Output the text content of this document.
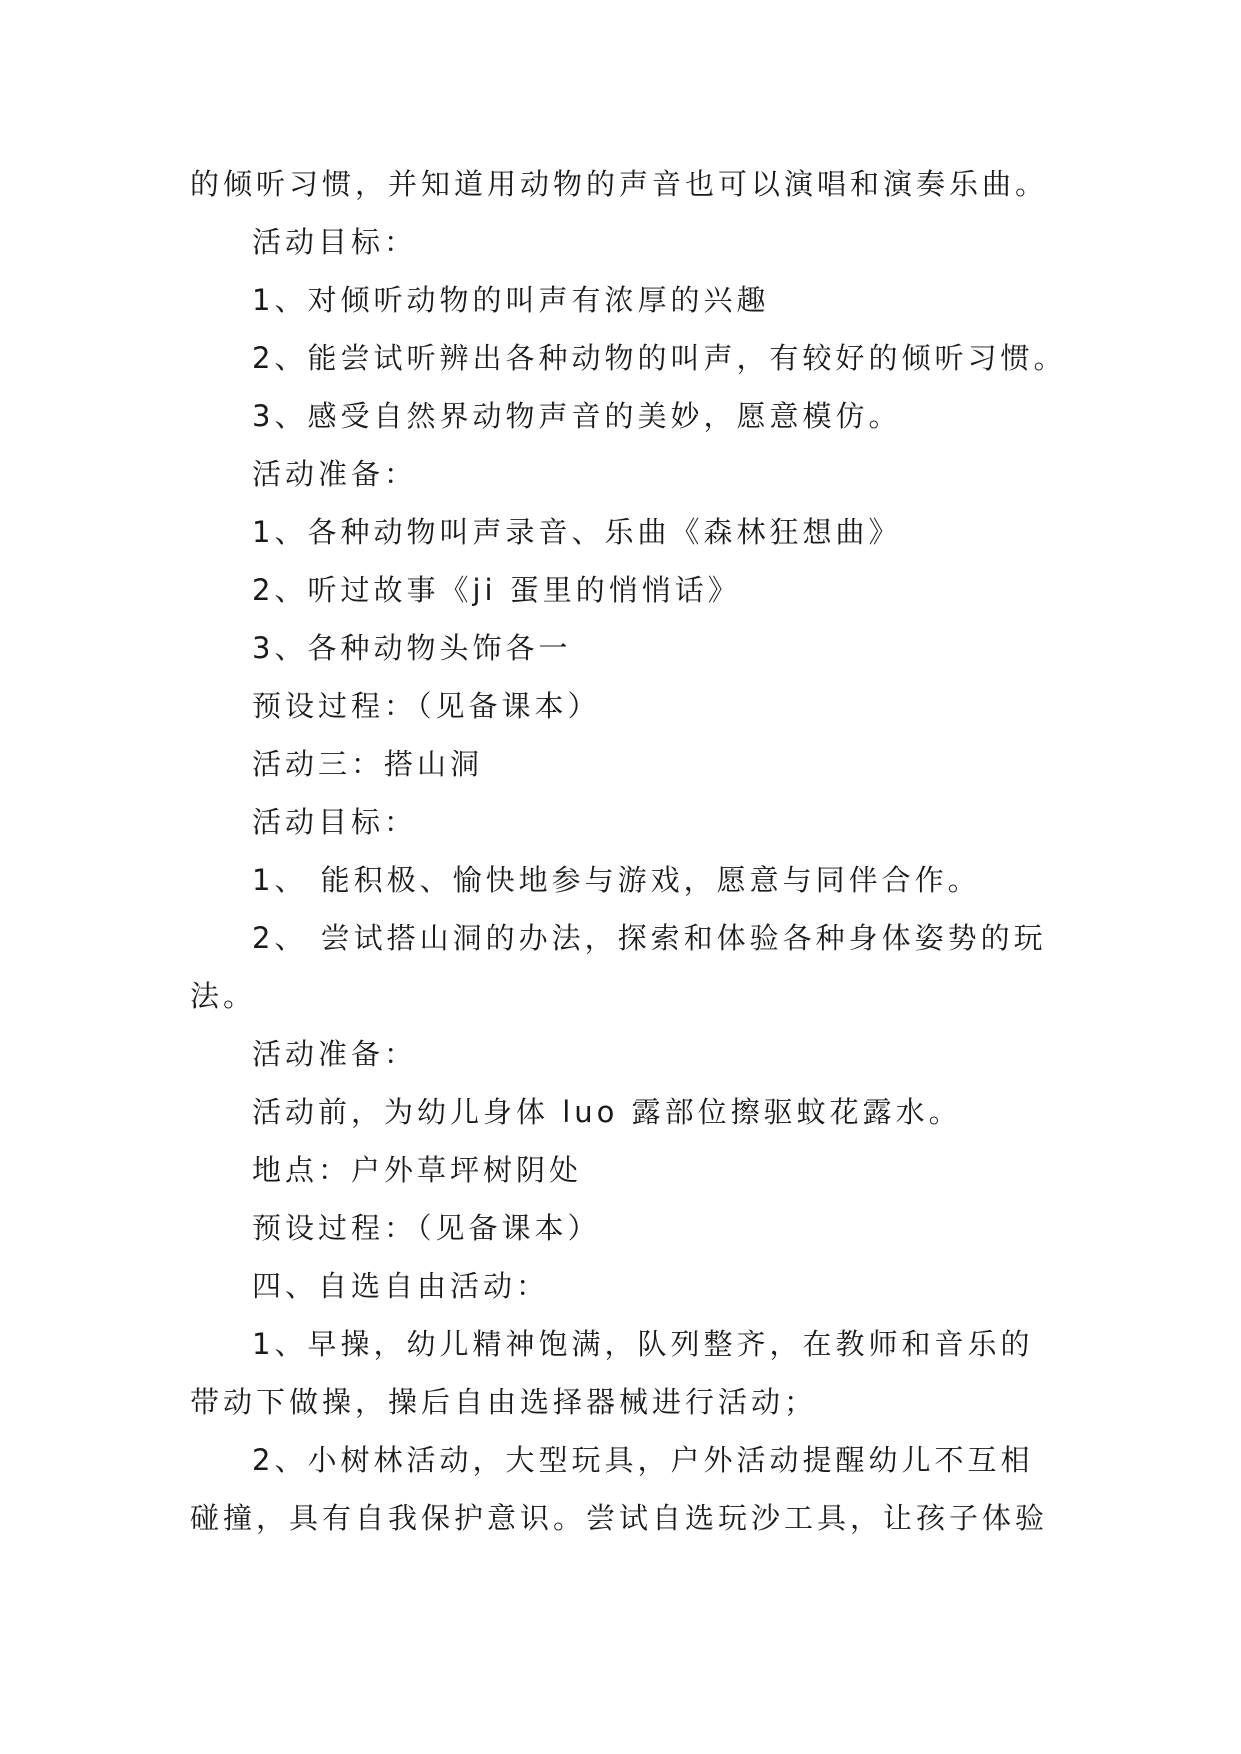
的倾听习惯，并知道用动物的声音也可以演唱和演奏乐曲。
活动目标：
1、对倾听动物的叫声有浓厚的兴趣
2、能尝试听辨出各种动物的叫声，有较好的倾听习惯。
3、感受自然界动物声音的美妙，愿意模仿。
活动准备：
1、各种动物叫声录音、乐曲《森林狂想曲》
2、听过故事《ji 蛋里的悄悄话》
3、各种动物头饰各一
预设过程：（见备课本）
活动三：搭山洞
活动目标：
1、 能积极、愉快地参与游戏，愿意与同伴合作。
2、 尝试搭山洞的办法，探索和体验各种身体姿势的玩
法。
活动准备：
活动前，为幼儿身体 luo 露部位擦驱蚊花露水。
地点：户外草坪树阴处
预设过程：（见备课本）
四、自选自由活动：
1、早操，幼儿精神饱满，队列整齐，在教师和音乐的
带动下做操，操后自由选择器械进行活动；
2、小树林活动，大型玩具，户外活动提醒幼儿不互相
碰撞，具有自我保护意识。尝试自选玩沙工具，让孩子体验
